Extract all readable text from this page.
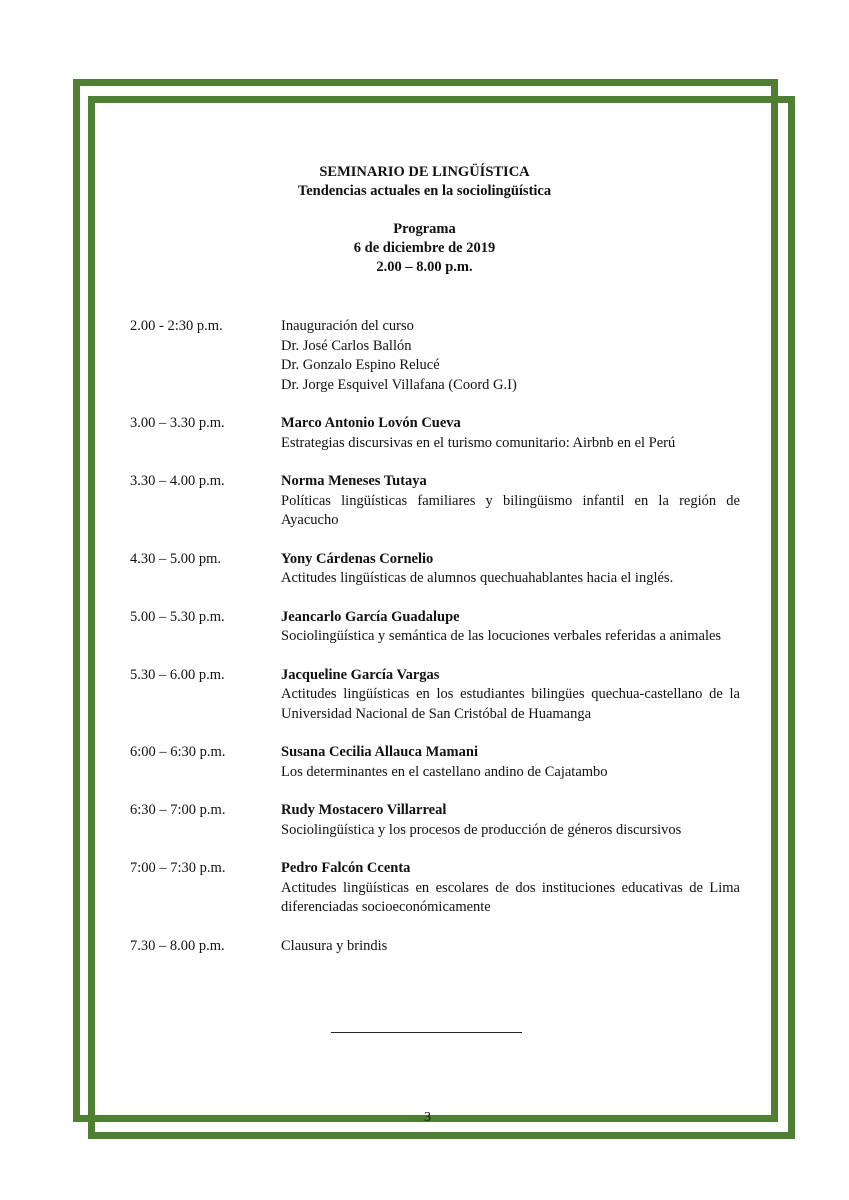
SEMINARIO DE LINGÜÍSTICA
Tendencias actuales en la sociolingüística
Programa
6 de diciembre de 2019
2.00 – 8.00 p.m.
2.00 - 2:30 p.m.	Inauguración del curso
Dr. José Carlos Ballón
Dr. Gonzalo Espino Relucé
Dr. Jorge Esquivel Villafana (Coord G.I)
3.00 – 3.30 p.m.	Marco Antonio Lovón Cueva
Estrategias discursivas en el turismo comunitario: Airbnb en el Perú
3.30 – 4.00 p.m.	Norma Meneses Tutaya
Políticas lingüísticas familiares y bilingüismo infantil en la región de Ayacucho
4.30 – 5.00 pm.	Yony Cárdenas Cornelio
Actitudes lingüísticas de alumnos quechuahablantes hacia el inglés.
5.00 – 5.30 p.m.	Jeancarlo García Guadalupe
Sociolingüística y semántica de las locuciones verbales referidas a animales
5.30 – 6.00 p.m.	Jacqueline García Vargas
Actitudes lingüísticas en los estudiantes bilingües quechua-castellano de la Universidad Nacional de San Cristóbal de Huamanga
6:00 – 6:30 p.m.	Susana Cecilia Allauca Mamani
Los determinantes en el castellano andino de Cajatambo
6:30 – 7:00 p.m.	Rudy Mostacero Villarreal
Sociolingüística y los procesos de producción de géneros discursivos
7:00 – 7:30 p.m.	Pedro Falcón Ccenta
Actitudes lingüísticas en escolares de dos instituciones educativas de Lima diferenciadas socioeconómicamente
7.30 – 8.00 p.m.	Clausura y brindis
3
